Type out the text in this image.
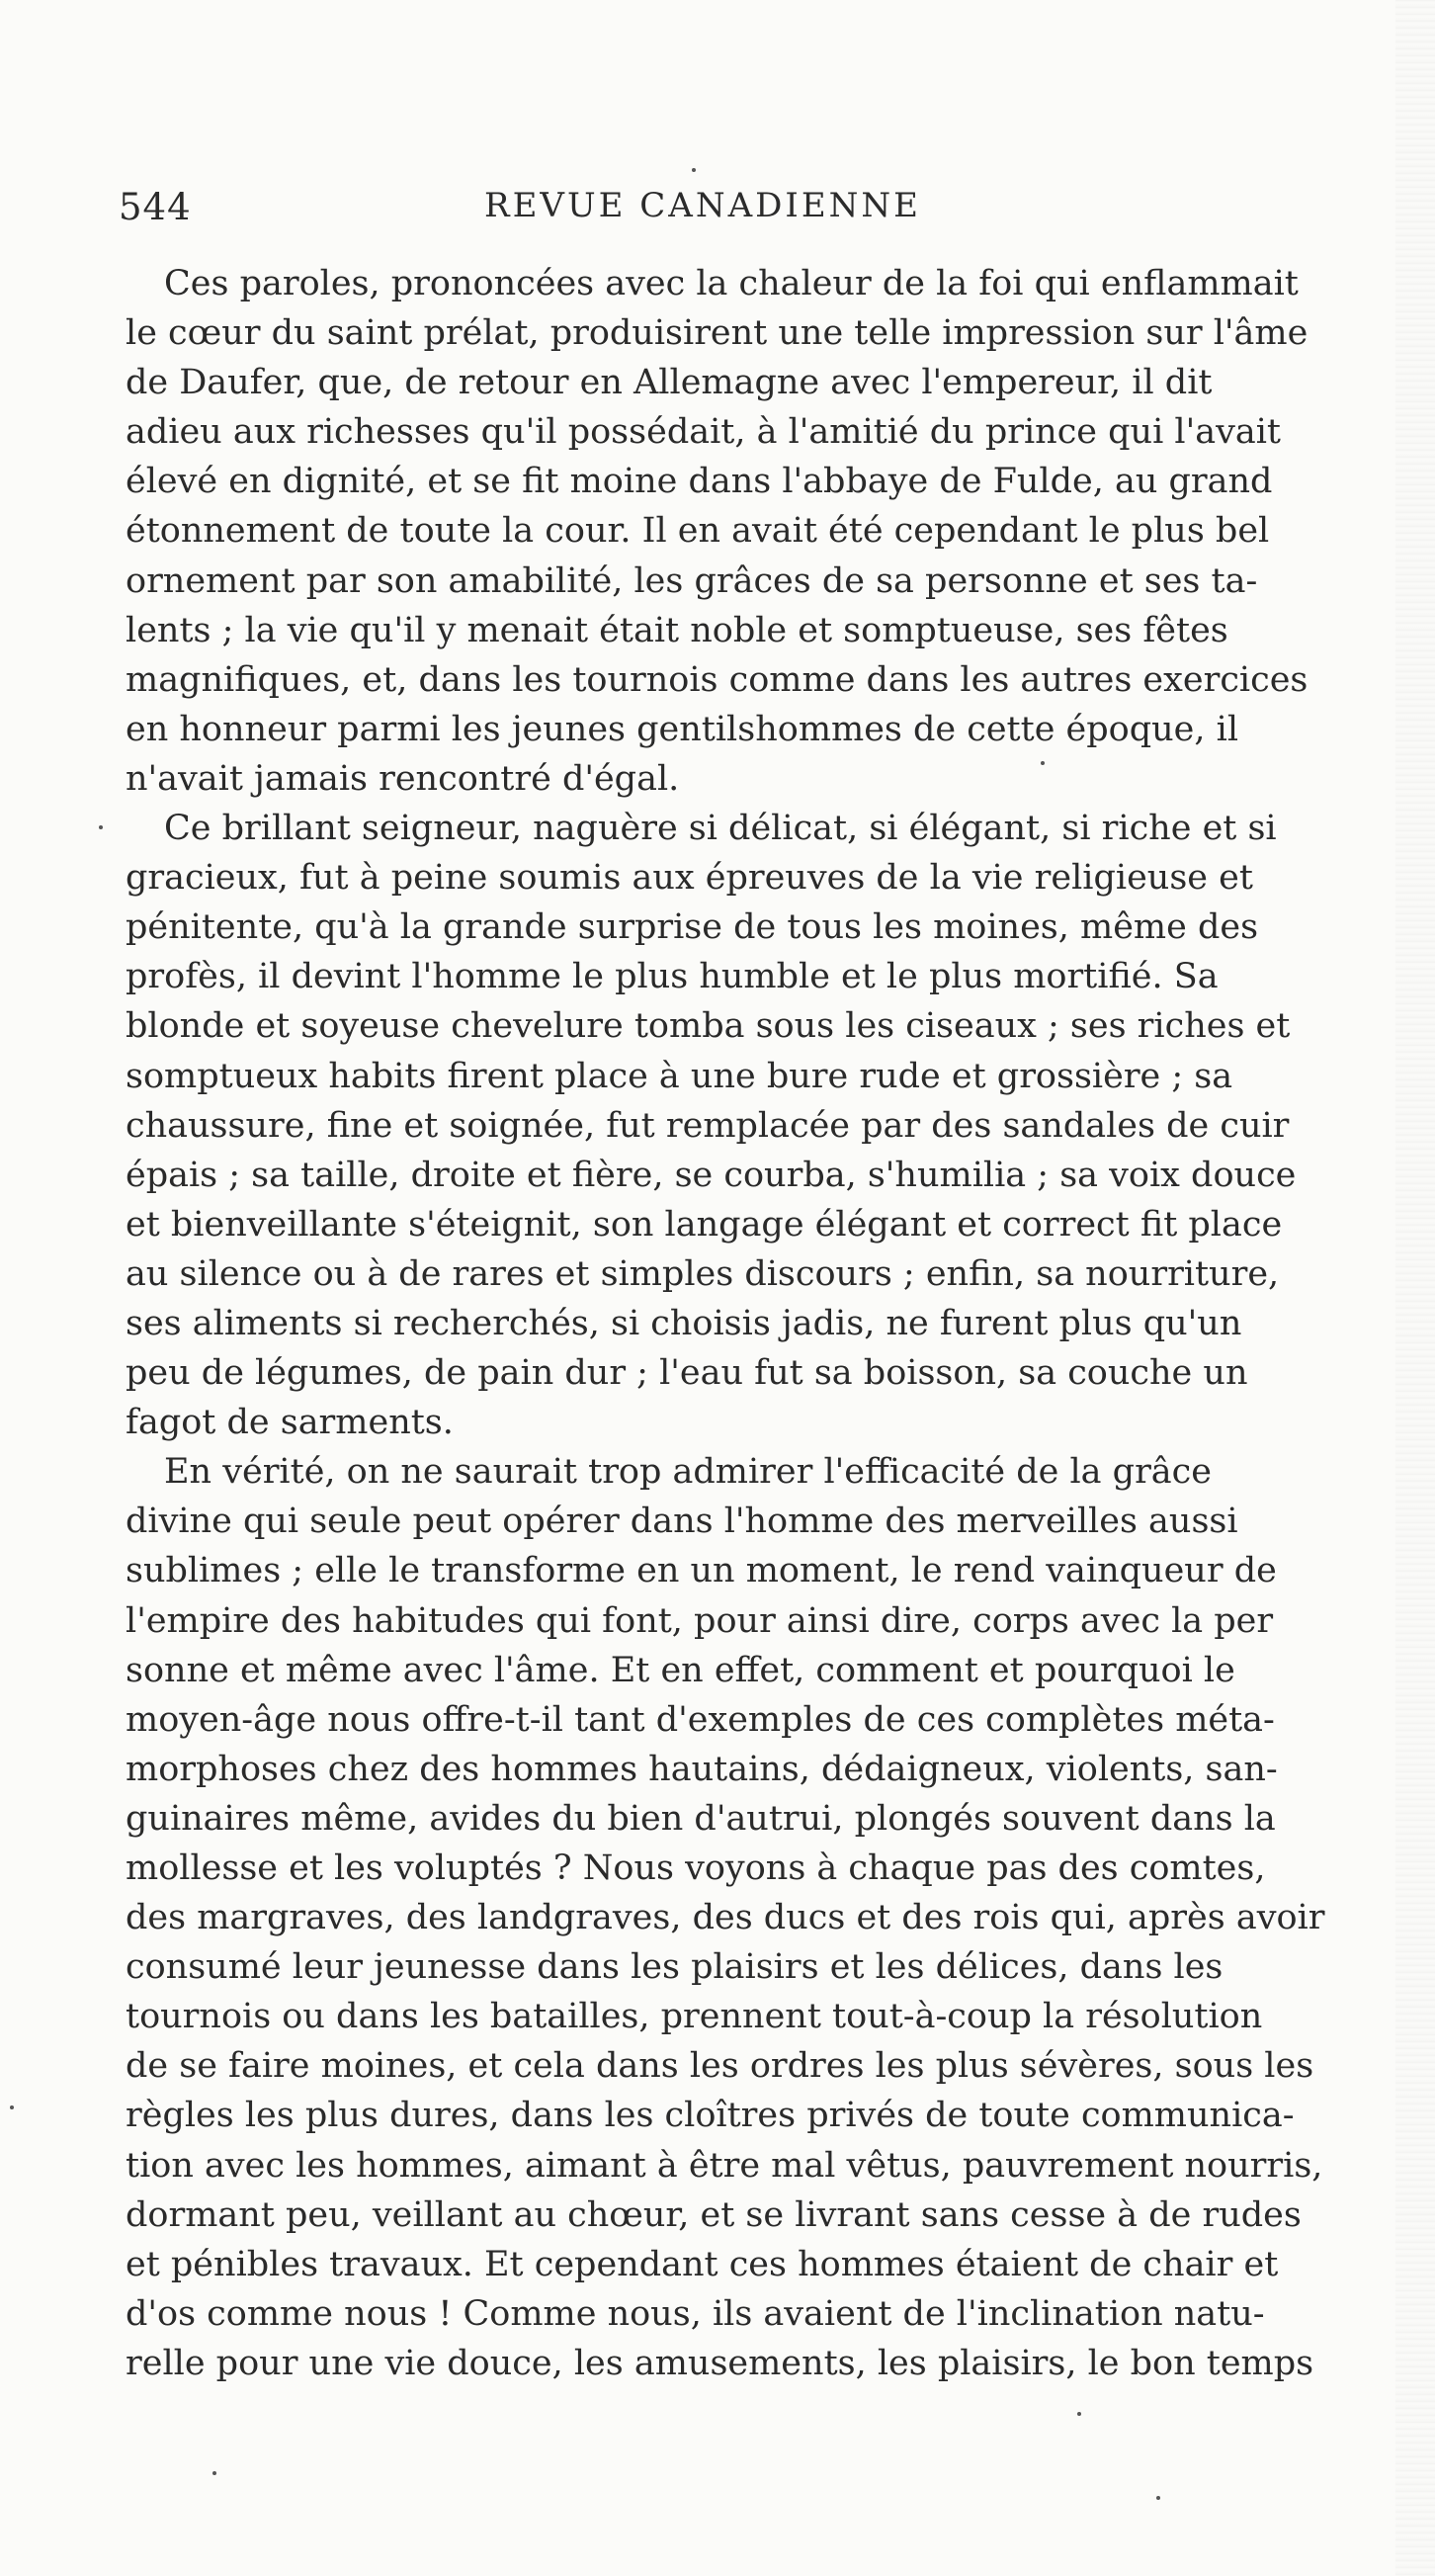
544	REVUE CANADIENNE
Ces paroles, prononcées avec la chaleur de la foi qui enflammait
le cœur du saint prélat, produisirent une telle impression sur l'âme
de Daufer, que, de retour en Allemagne avec l'empereur, il dit
adieu aux richesses qu'il possédait, à l'amitié du prince qui l'avait
élevé en dignité, et se fit moine dans l'abbaye de Fulde, au grand
étonnement de toute la cour. Il en avait été cependant le plus bel
ornement par son amabilité, les grâces de sa personne et ses ta-
lents ; la vie qu'il y menait était noble et somptueuse, ses fêtes
magnifiques, et, dans les tournois comme dans les autres exercices
en honneur parmi les jeunes gentilshommes de cette époque, il
n'avait jamais rencontré d'égal.
Ce brillant seigneur, naguère si délicat, si élégant, si riche et si
gracieux, fut à peine soumis aux épreuves de la vie religieuse et
pénitente, qu'à la grande surprise de tous les moines, même des
profès, il devint l'homme le plus humble et le plus mortifié. Sa
blonde et soyeuse chevelure tomba sous les ciseaux ; ses riches et
somptueux habits firent place à une bure rude et grossière ; sa
chaussure, fine et soignée, fut remplacée par des sandales de cuir
épais ; sa taille, droite et fière, se courba, s'humilia ; sa voix douce
et bienveillante s'éteignit, son langage élégant et correct fit place
au silence ou à de rares et simples discours ; enfin, sa nourriture,
ses aliments si recherchés, si choisis jadis, ne furent plus qu'un
peu de légumes, de pain dur ; l'eau fut sa boisson, sa couche un
fagot de sarments.
En vérité, on ne saurait trop admirer l'efficacité de la grâce
divine qui seule peut opérer dans l'homme des merveilles aussi
sublimes ; elle le transforme en un moment, le rend vainqueur de
l'empire des habitudes qui font, pour ainsi dire, corps avec la per
sonne et même avec l'âme. Et en effet, comment et pourquoi le
moyen-âge nous offre-t-il tant d'exemples de ces complètes méta-
morphoses chez des hommes hautains, dédaigneux, violents, san-
guinaires même, avides du bien d'autrui, plongés souvent dans la
mollesse et les voluptés ? Nous voyons à chaque pas des comtes,
des margraves, des landgraves, des ducs et des rois qui, après avoir
consumé leur jeunesse dans les plaisirs et les délices, dans les
tournois ou dans les batailles, prennent tout-à-coup la résolution
de se faire moines, et cela dans les ordres les plus sévères, sous les
règles les plus dures, dans les cloîtres privés de toute communica-
tion avec les hommes, aimant à être mal vêtus, pauvrement nourris,
dormant peu, veillant au chœur, et se livrant sans cesse à de rudes
et pénibles travaux. Et cependant ces hommes étaient de chair et
d'os comme nous ! Comme nous, ils avaient de l'inclination natu-
relle pour une vie douce, les amusements, les plaisirs, le bon temps
